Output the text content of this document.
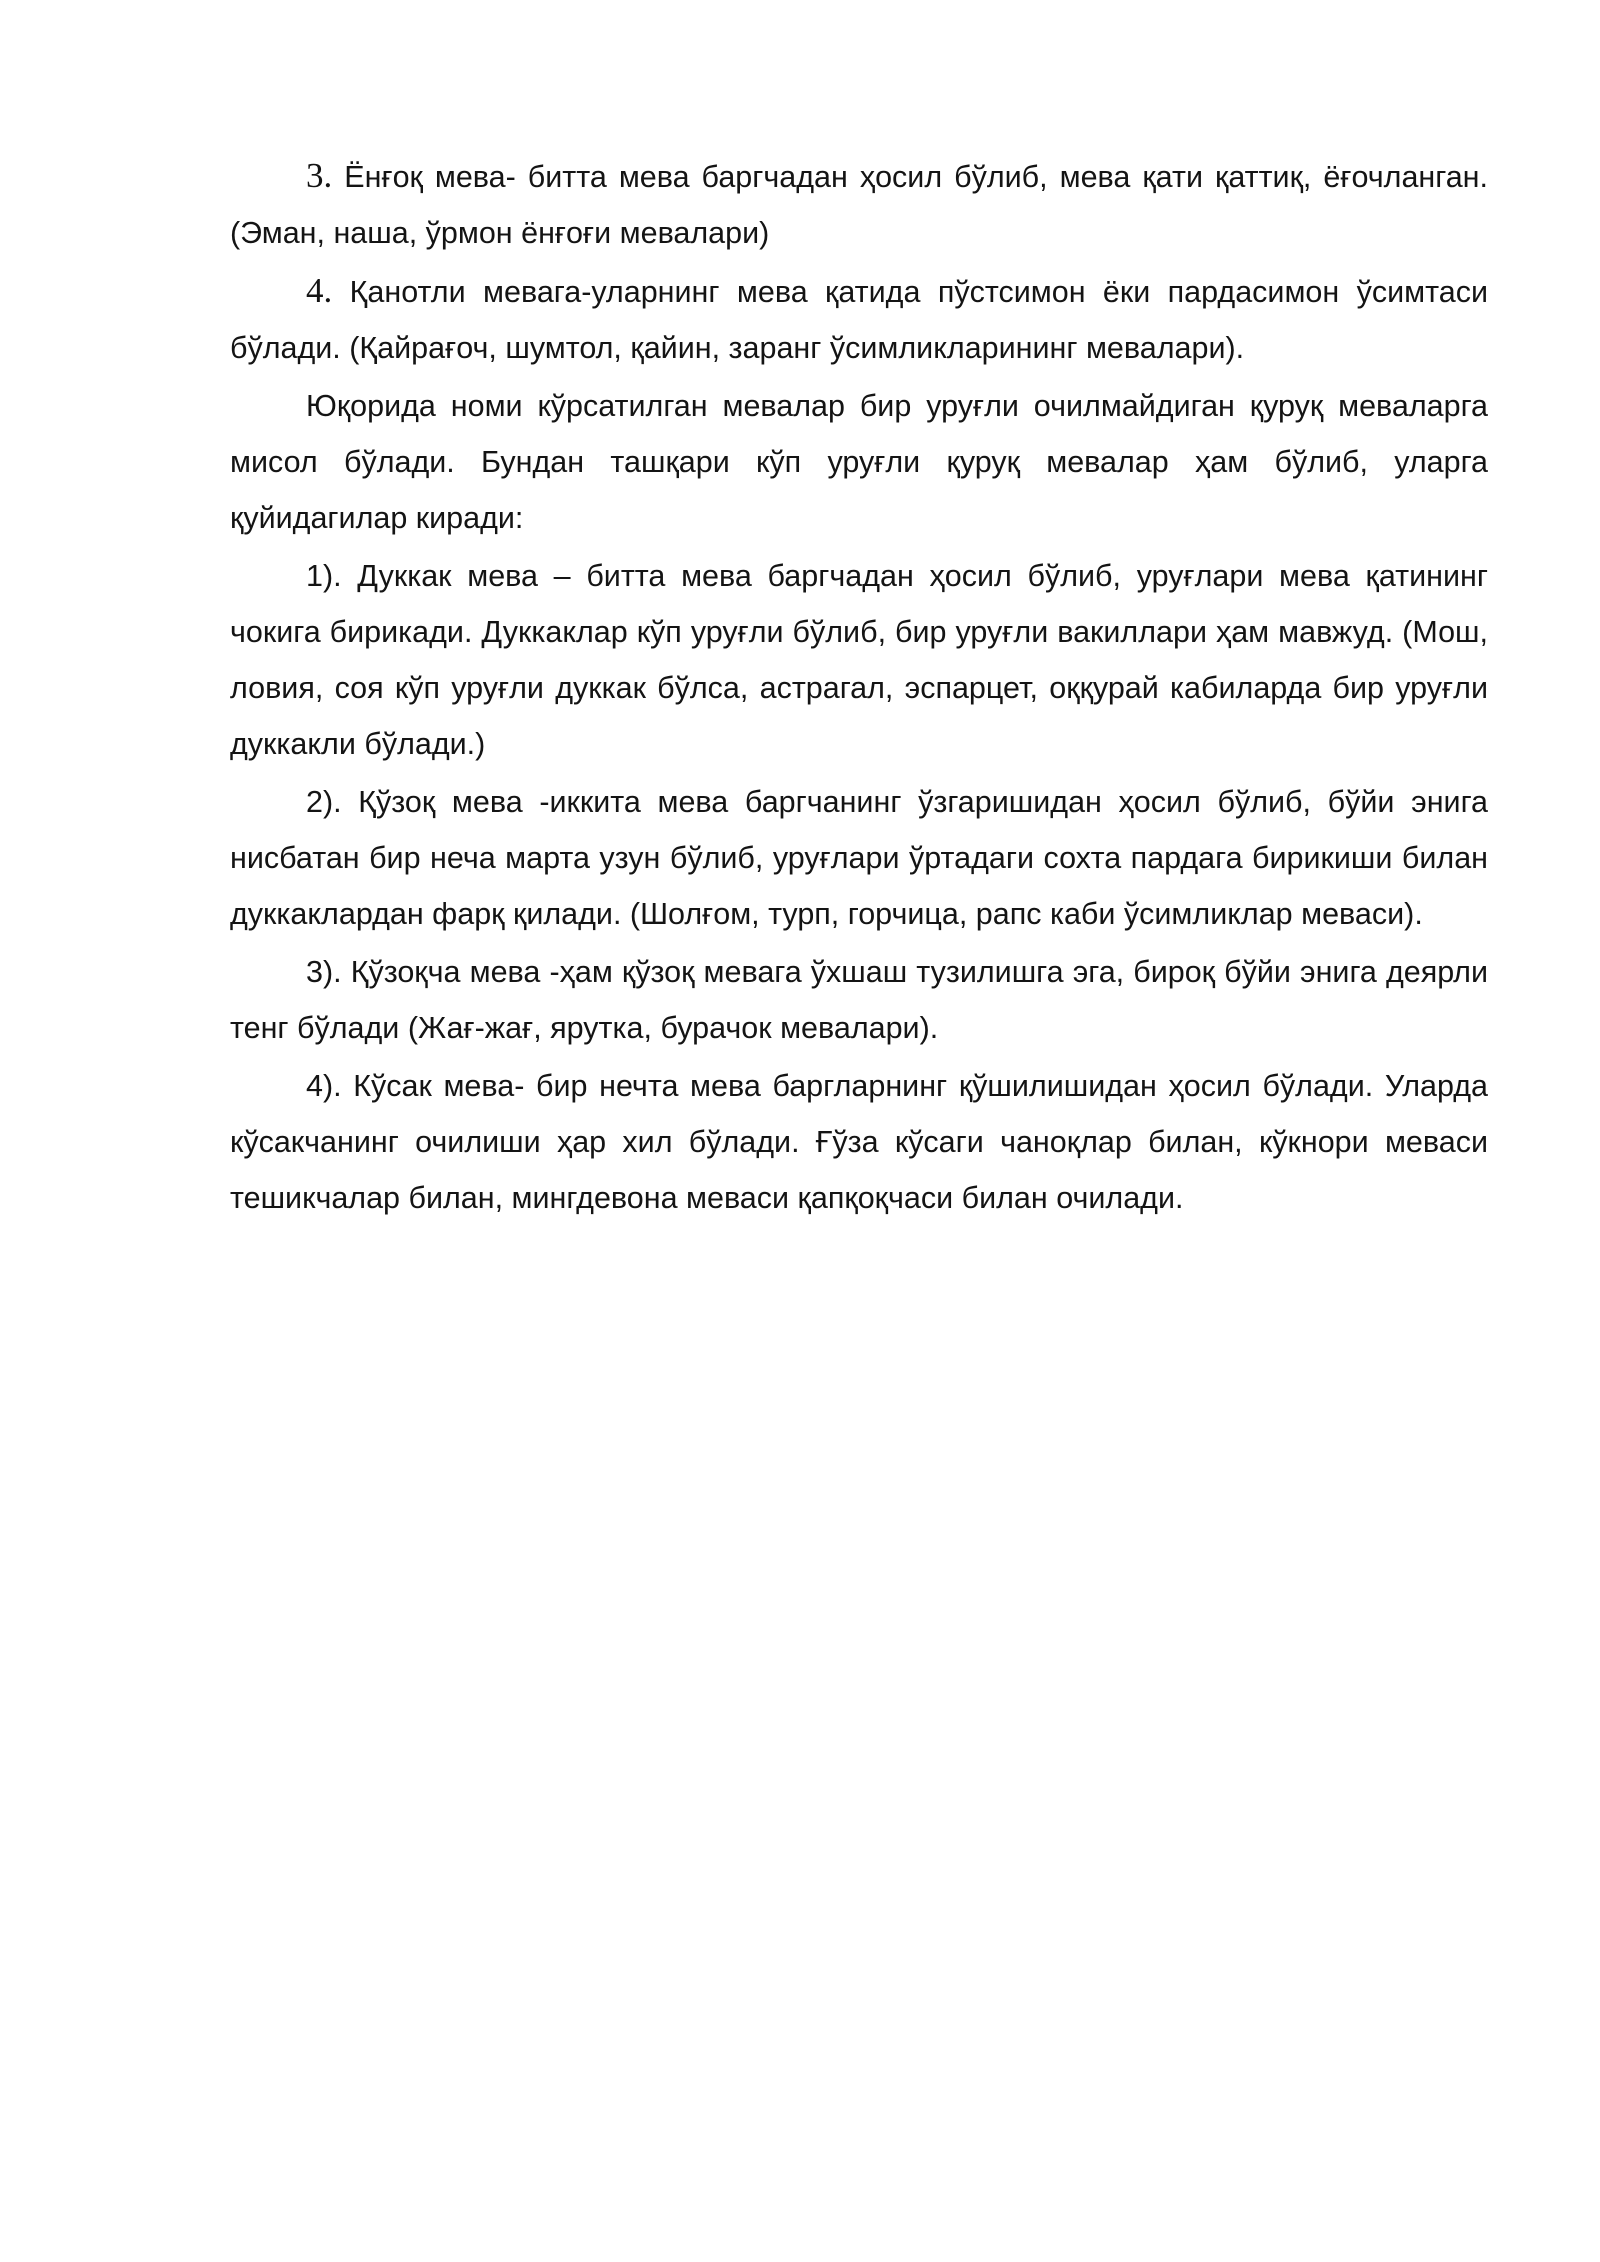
3. Ёнғоқ мева- битта мева баргчадан ҳосил бўлиб, мева қати қаттиқ, ёғочланган. (Эман, наша, ўрмон ёнғоғи мевалари)

4. Қанотли мевага-уларнинг мева қатида пўстсимон ёки пардасимон ўсимтаси бўлади. (Қайрағоч, шумтол, қайин, заранг ўсимликларининг мевалари).

Юқорида номи кўрсатилган мевалар бир уруғли очилмайдиган қуруқ меваларга мисол бўлади. Бундан ташқари кўп уруғли қуруқ мевалар ҳам бўлиб, уларга қуйидагилар киради:

1). Дуккак мева – битта мева баргчадан ҳосил бўлиб, уруғлари мева қатининг чокига бирикади. Дуккаклар кўп уруғли бўлиб, бир уруғли вакиллари ҳам мавжуд. (Мош, ловия, соя кўп уруғли дуккак бўлса, астрагал, эспарцет, оққурай кабиларда бир уруғли дуккакли бўлади.)

2). Қўзоқ мева -иккита мева баргчанинг ўзгаришидан ҳосил бўлиб, бўйи энига нисбатан бир неча марта узун бўлиб, уруғлари ўртадаги сохта пардага бирикиши билан дуккаклардан фарқ қилади. (Шолғом, турп, горчица, рапс каби ўсимликлар меваси).

3). Қўзоқча мева -ҳам қўзоқ мевага ўхшаш тузилишга эга, бироқ бўйи энига деярли тенг бўлади (Жағ-жағ, ярутка, бурачок мевалари).

4). Кўсак мева- бир нечта мева баргларнинг қўшилишидан ҳосил бўлади. Уларда кўсакчанинг очилиши ҳар хил бўлади. Ғўза кўсаги чаноқлар билан, кўкнори меваси тешикчалар билан, мингдевона меваси қапқоқчаси билан очилади.
